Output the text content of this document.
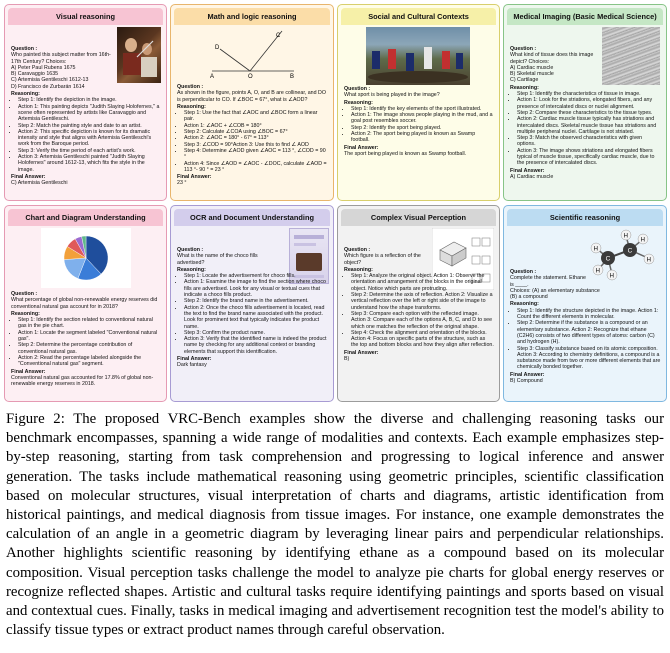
Visual reasoning
Question :
Who painted this subject matter from 16th-17th Century? Choices:
A) Peter Paul Rubens 1675
B) Caravaggio 1635
C) Artemisia Gentileschi 1612-13
D) Francisco de Zurbarán 1614
Reasoning:
• Step 1: Identify the depiction in the image.
• Action 1: This painting depicts "Judith Slaying Holofernes," a scene often represented by artists like Caravaggio and Artemisia Gentileschi.
• Step 2: Match the painting style and date to an artist.
• Action 2: This specific depiction is known for its dramatic intensity and style that aligns with Artemisia Gentileschi's work from the Baroque period.
• Step 3: Verify the time period of each artist's work.
• Action 3: Artemisia Gentileschi painted "Judith Slaying Holofernes" around 1612-13, which fits the style in the image.
Final Answer:
C) Artemisia Gentileschi
Math and logic reasoning
C
D
A	O	B
Question :
As shown in the figure, points A, O, and B are collinear, and DO is perpendicular to CO. If ∠BOC = 67°, what is ∠AOD?
Reasoning:
• Step 1: Use the fact that ∠AOC and ∠BOC form a linear pair.
• Action 1: ∠AOC + ∠COB = 180°
• Step 2: Calculate ∠COA using ∠BOC = 67°
• Action 2: ∠AOC = 180° - 67° = 113°
• Step 3: ∠COD = 90°Action 3: Use this to find ∠ AOD
• Step 4: Determine ∠AOD given ∠AOC = 113 °, ∠COD = 90 °
• Action 4: Since ∠AOD = ∠AOC - ∠DOC, calculate ∠AOD = 113 °- 90 ° = 23 °
Final Answer:
23 °
Social and Cultural Contexts
Question :
What sport is being played in the image?
Reasoning:
• Step 1: Identify the key elements of the sport illustrated.
• Action 1: The image shows people playing in the mud, and a goal post resembles soccer.
• Step 2: Identify the sport being played.
• Action 2: The sport being played is known as Swamp football.
Final Answer:
The sport being played is known as Swamp football.
Medical Imaging (Basic Medical Science)
Question :
What kind of tissue does this image depict? Choices:
A) Cardiac muscle
B) Skeletal muscle
C) Cartilage
Reasoning:
• Step 1: Identify the characteristics of tissue in image.
• Action 1: Look for the striations, elongated fibers, and any presence of intercalated discs or nuclei alignment.
• Step 2: Compare these characteristics to the tissue types.
• Action 2: Cardiac muscle tissue typically has striations and intercalated discs. Skeletal muscle tissue has striations and multiple peripheral nuclei. Cartilage is not striated.
• Step 3: Match the observed characteristics with given options.
• Action 3: The image shows striations and elongated fibers typical of muscle tissue, specifically cardiac muscle, due to the presence of intercalated discs.
Final Answer:
A) Cardiac muscle
Chart and Diagram Understanding
Question :
What percentage of global non-renewable energy reserves did conventional natural gas account for in 2018?
Reasoning:
• Step 1: Identify the section related to conventional natural gas in the pie chart.
• Action 1: Locate the segment labeled "Conventional natural gas".
• Step 2: Determine the percentage contribution of conventional natural gas.
• Action 2: Read the percentage labeled alongside the "Conventional natural gas" segment.
Final Answer:
Conventional natural gas accounted for 17.8% of global non-renewable energy reserves in 2018.
OCR and Document Understanding
Question :
What is the name of the choco fills advertised?
Reasoning:
• Step 1: Locate the advertisement for choco fills.
• Action 1: Examine the image to find the section where choco fills are advertised. Look for any visual or textual cues that indicate a choco fills product.
• Step 2: Identify the brand name in the advertisement.
• Action 2: Once the choco fills advertisement is located, read the text to find the brand name associated with the product. Look for prominent text that typically indicates the product name.
• Step 3: Confirm the product name.
• Action 3: Verify that the identified name is indeed the product name by checking for any additional context or branding elements that support this identification.
Final Answer:
Dark fantasy
Complex Visual Perception
Question :
Which figure is a reflection of the object?
Reasoning:
• Step 1: Analyze the original object. Action 1: Observe the orientation and arrangement of the blocks in the original object. Notice which parts are protruding.
• Step 2: Determine the axis of reflection. Action 2: Visualize a vertical reflection over the left or right side of the image to understand how the shape transforms.
• Step 3: Compare each option with the reflected image. Action 3: Compare each of the options A, B, C, and D to see which one matches the reflection of the original shape.
• Step 4: Check the alignment and orientation of the blocks. Action 4: Focus on specific parts of the structure, such as the top and bottom blocks and how they align after reflection.
Final Answer:
B)
Scientific reasoning
H
H
H
H
H
H
C
C
Question :
Complete the statement. Ethane is ____.
Choices: (A) an elementary substance
(B) a compound
Reasoning:
• Step 1: Identify the structure depicted in the image. Action 1: Count the different elements in molecular.
• Step 2: Determine if the substance is a compound or an elementary substance. Action 2: Recognize that ethane (C2H6) consists of two different types of atoms: carbon (C) and hydrogen (H).
• Step 3: Classify substance based on its atomic composition. Action 3: According to chemistry definitions, a compound is a substance made from two or more different elements that are chemically bonded together.
Final Answer:
B) Compound
Figure 2: The proposed VRC-Bench examples show the diverse and challenging reasoning tasks our benchmark encompasses, spanning a wide range of modalities and contexts. Each example emphasizes step-by-step reasoning, starting from task comprehension and progressing to logical inference and answer generation. The tasks include mathematical reasoning using geometric principles, scientific classification based on molecular structures, visual interpretation of charts and diagrams, artistic identification from historical paintings, and medical diagnosis from tissue images. For instance, one example demonstrates the calculation of an angle in a geometric diagram by leveraging linear pairs and perpendicular relationships. Another highlights scientific reasoning by identifying ethane as a compound based on its molecular composition. Visual perception tasks challenge the model to analyze pie charts for global energy reserves or recognize reflected shapes. Artistic and cultural tasks require identifying paintings and sports based on visual and contextual cues. Finally, tasks in medical imaging and advertisement recognition test the model's ability to classify tissue types or extract product names through careful observation.
